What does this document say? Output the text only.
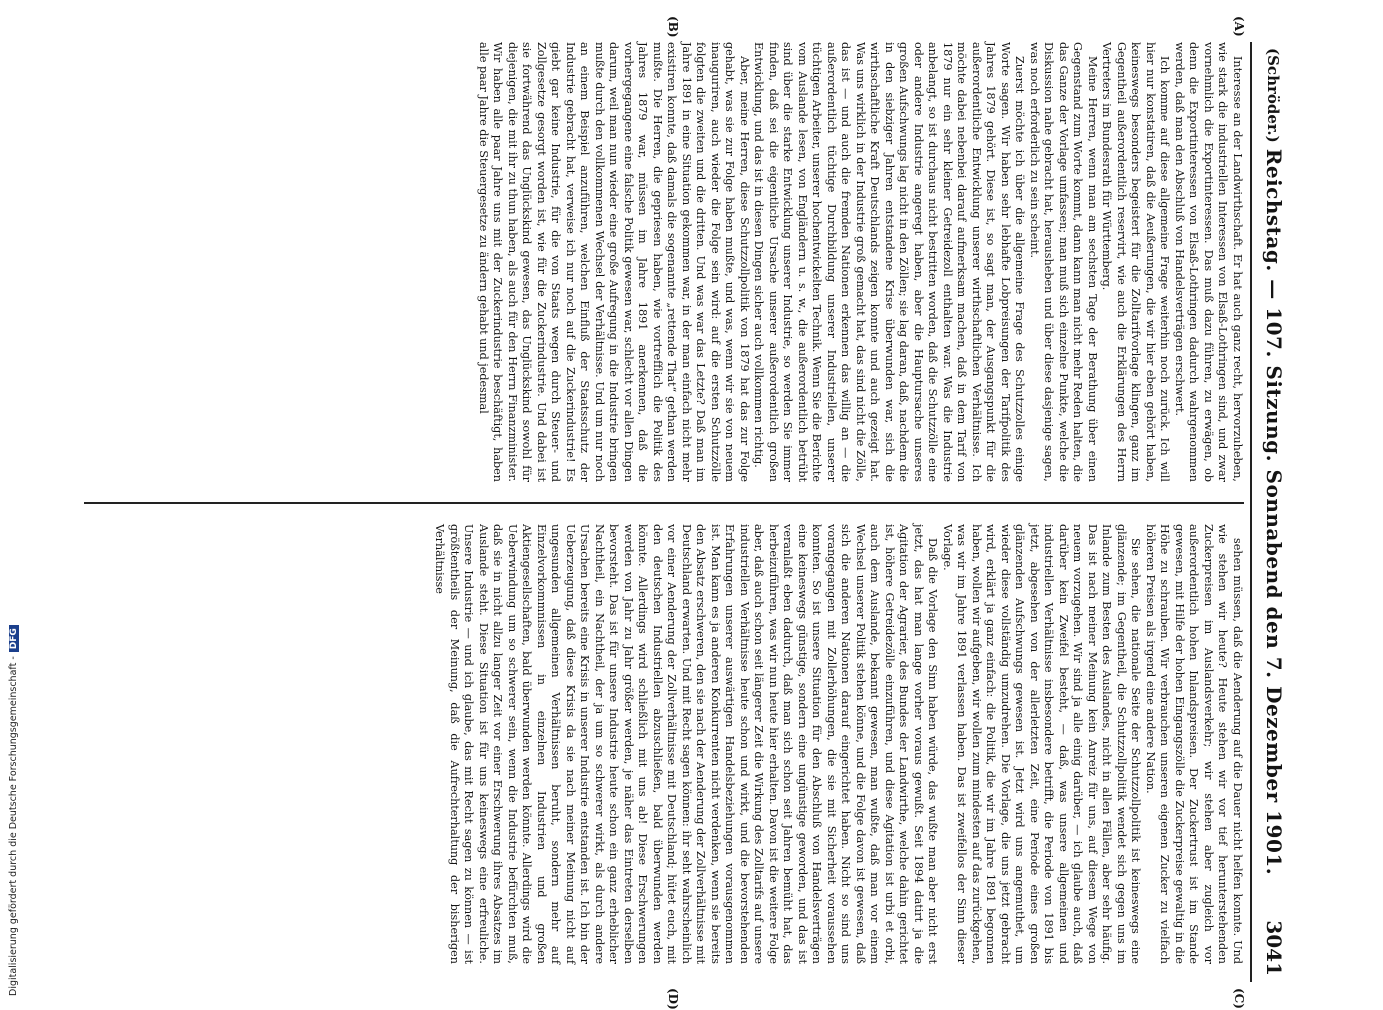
(Schröder.)
Reichstag. — 107. Sitzung. Sonnabend den 7. Dezember 1901.
3041
(A)
(B)
(C)
(D)

Interesse an der Landwirthschaft. Er hat auch ganz recht, hervorzuheben, wie stark die industriellen Interessen von Elsaß-Lothringen sind, und zwar vornehmlich die Exportinteressen. Das muß dazu führen, zu erwägen, ob denn die Exportinteressen von Elsaß-Lothringen dadurch wahrgenommen werden, daß man den Abschluß von Handelsverträgen erschwert.

Ich komme auf diese allgemeine Frage weiterhin noch zurück. Ich will hier nur konstatiren, daß die Aeußerungen, die wir hier eben gehört haben, keineswegs besonders begeistert für die Zolltarifvorlage klingen, ganz im Gegentheil außerordentlich reservirt, wie auch die Erklärungen des Herrn Vertreters im Bundesrath für Württemberg.

Meine Herren, wenn man am sechsten Tage der Berathung über einen Gegenstand zum Worte kommt, dann kann man nicht mehr Reden halten, die das Ganze der Vorlage umfassen; man muß sich einzelne Punkte, welche die Diskussion nahe gebracht hat, herausheben und über diese dasjenige sagen, was noch erforderlich zu sein scheint.

Zuerst möchte ich über die allgemeine Frage des Schutzzolles einige Worte sagen. Wir haben sehr lebhafte Lobpreisungen der Tarifpolitik des Jahres 1879 gehört. Diese ist, so sagt man, der Ausgangspunkt für die außerordentliche Entwicklung unserer wirthschaftlichen Verhältnisse. Ich möchte dabei nebenbei darauf aufmerksam machen, daß in dem Tarif von 1879 nur ein sehr kleiner Getreidezoll enthalten war. Was die Industrie anbelangt, so ist durchaus nicht bestritten worden, daß die Schutzzölle eine oder andere Industrie angeregt haben, aber die Hauptursache unseres großen Aufschwungs lag nicht in den Zöllen; sie lag daran, daß, nachdem die in den siebziger Jahren entstandene Krise überwunden war, sich die wirthschaftliche Kraft Deutschlands zeigen konnte und auch gezeigt hat. Was uns wirklich in der Industrie groß gemacht hat, das sind nicht die Zölle, das ist — und auch die fremden Nationen erkennen das willig an — die außerordentlich tüchtige Durchbildung unserer Industriellen, unserer tüchtigen Arbeiter, unserer hochentwickelten Technik. Wenn Sie die Berichte vom Auslande lesen, von Engländern u. s. w., die außerordentlich betrübt sind über die starke Entwicklung unserer Industrie, so werden Sie immer finden, daß sei die eigentliche Ursache unserer außerordentlich großen Entwicklung, und das ist in diesen Dingen sicher auch vollkommen richtig.

Aber, meine Herren, diese Schutzzollpolitik von 1879 hat das zur Folge gehabt, was sie zur Folge haben mußte, und was, wenn wir sie von neuem inauguriren, auch wieder die Folge sein wird: auf die ersten Schutzzölle folgten die zweiten und die dritten. Und was war das Letzte? Daß man im Jahre 1891 in eine Situation gekommen war, in der man einfach nicht mehr existiren konnte, daß damals die sogenannte „rettende That“ gethan werden mußte. Die Herren, die gepriesen haben, wie vortrefflich die Politik des Jahres 1879 war, müssen im Jahre 1891 anerkennen, daß die vorhergegangene eine falsche Politik gewesen war, schlecht vor allen Dingen darum, weil man nun wieder eine große Aufregung in die Industrie bringen mußte durch den vollkommenen Wechsel der Verhältnisse. Und um nur noch an einem Beispiel anzuführen, welchen Einfluß der Staatsschutz der Industrie gebracht hat, verweise ich nur noch auf die Zuckerindustrie! Es giebt gar keine Industrie, für die von Staats wegen durch Steuer- und Zollgesetze gesorgt worden ist, wie für die Zuckerindustrie. Und dabei ist sie fortwährend das Unglückskind gewesen, das Unglückskind sowohl für diejenigen, die mit ihr zu thun haben, als auch für den Herrn Finanzminister. Wir haben alle paar Jahre uns mit der Zuckerindustrie beschäftigt, haben alle paar Jahre die Steuergesetze zu ändern gehabt und jedesmal

sehen müssen, daß die Aenderung auf die Dauer nicht helfen konnte. Und wie stehen wir heute? Heute stehen wir vor tief herunterstehenden Zuckerpreisen im Auslandsverkehr; wir stehen aber zugleich vor außerordentlich hohen Inlandspreisen. Der Zuckertrust ist im Stande gewesen, mit Hilfe der hohen Eingangszölle die Zuckerpreise gewaltig in die Höhe zu schrauben. Wir verbrauchen unseren eigenen Zucker zu vielfach höheren Preisen als irgend eine andere Nation.

Sie sehen, die nationale Seite der Schutzzollpolitik ist keineswegs eine glänzende; im Gegentheil, die Schutzzollpolitik wendet sich gegen uns im Inlande zum Besten des Auslandes, nicht in allen Fällen, aber sehr häufig. Das ist nach meiner Meinung kein Anreiz für uns, auf diesem Wege von neuem vorzugehen. Wir sind ja alle einig darüber, — ich glaube auch, daß darüber kein Zweifel besteht, — daß, was unsere allgemeinen und industriellen Verhältnisse insbesondere betrifft, die Periode von 1891 bis jetzt, abgesehen von der allerletzten Zeit, eine Periode eines großen glänzenden Aufschwungs gewesen ist. Jetzt wird uns angemuthet, um wieder diese vollständig umzudrehen. Die Vorlage, die uns jetzt gebracht wird, erklärt ja ganz einfach: die Politik, die wir im Jahre 1891 begonnen haben, wollen wir aufgeben, wir wollen zum mindesten auf das zurückgehen, was wir im Jahre 1891 verlassen haben. Das ist zweifellos der Sinn dieser Vorlage.

Daß die Vorlage den Sinn haben würde, das wußte man aber nicht erst jetzt, das hat man lange vorher voraus gewußt. Seit 1894 datirt ja die Agitation der Agrarier, des Bundes der Landwirthe, welche dahin gerichtet ist, höhere Getreidezölle einzuführen, und diese Agitation ist urbi et orbi, auch dem Auslande, bekannt gewesen, man wußte, daß man vor einem Wechsel unserer Politik stehen könne, und die Folge davon ist gewesen, daß sich die anderen Nationen darauf eingerichtet haben. Nicht so sind uns vorangegangen mit Zollerhöhungen, die sie mit Sicherheit voraussehen konnten. So ist unsere Situation für den Abschluß von Handelsverträgen eine keineswegs günstige, sondern eine ungünstige geworden, und das ist veranlaßt eben dadurch, daß man sich schon seit Jahren bemüht hat, das herbeizuführen, was wir nun heute hier erhalten. Davon ist die weitere Folge aber, daß auch schon seit längerer Zeit die Wirkung des Zolltarifs auf unsere industriellen Verhältnisse heute schon und wirkt, und die bevorstehenden Erfahrungen unserer auswärtigen Handelsbeziehungen vorausgenommen ist. Man kann es ja anderen Konkurrenten nicht verdenken, wenn sie bereits den Absatz erschweren, den sie nach der Aenderung der Zollverhältnisse mit Deutschland erwarten. Und mit Recht sagen können: ihr seht wahrscheinlich vor einer Aenderung der Zollverhältnisse mit Deutschland; hütet euch, mit den deutschen Industriellen abzuschließen, bald überwunden werden könnte. Allerdings wird schließlich mit uns ab! Diese Erschwerungen werden von Jahr zu Jahr größer werden, je näher das Eintreten derselben bevorsteht. Das ist für unsere Industrie heute schon ein ganz erheblicher Nachtheil, ein Nachtheil, der ja um so schwerer wirkt, als durch andere Ursachen bereits eine Krisis in unserer Industrie entstanden ist. Ich bin der Ueberzeugung, daß diese Krisis da sie nach meiner Meinung nicht auf ungesunden allgemeinen Verhältnissen beruht, sondern mehr auf Einzelvorkommnissen in einzelnen Industrien und großen Aktiengesellschaften, bald überwunden werden könnte. Allerdings wird die Ueberwindung um so schwerer sein, wenn die Industrie befürchten muß, daß sie in nicht allzu langer Zeit vor einer Erschwerung ihres Absatzes im Auslande steht. Diese Situation ist für uns keineswegs eine erfreuliche. Unsere Industrie — und ich glaube, das mit Recht sagen zu können — ist größtentheils der Meinung, daß die Aufrechterhaltung der bisherigen Verhältnisse

Digitalisierung gefördert durch die Deutsche Forschungsgemeinschaft -DFG
